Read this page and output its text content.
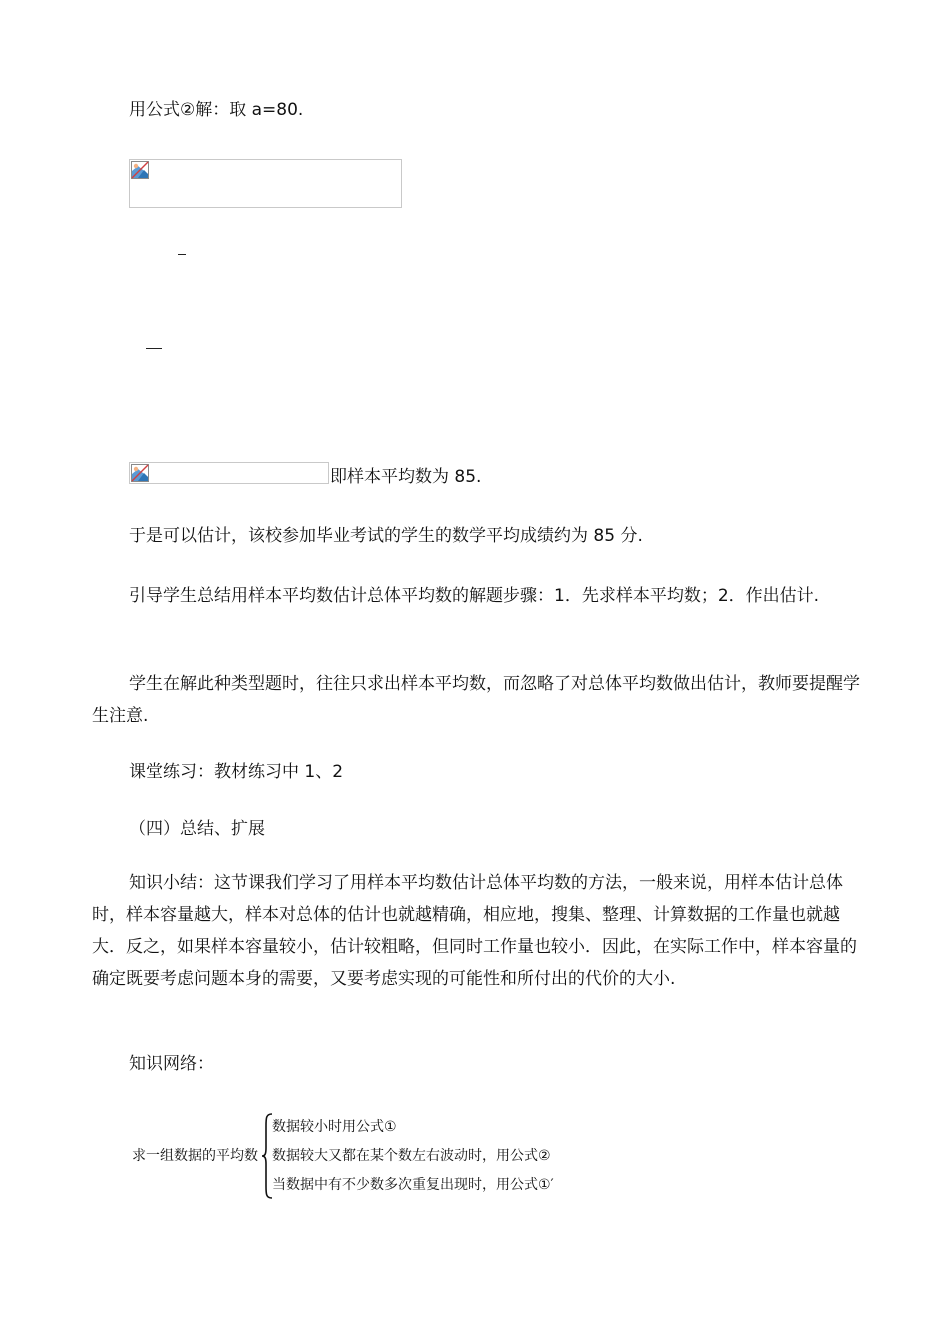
用公式②解：取 a=80.

即样本平均数为 85.

于是可以估计，该校参加毕业考试的学生的数学平均成绩约为 85 分.

引导学生总结用样本平均数估计总体平均数的解题步骤：1．先求样本平均数；2．作出估计.

学生在解此种类型题时，往往只求出样本平均数，而忽略了对总体平均数做出估计，教师要提醒学生注意.

课堂练习：教材练习中 1、2

（四）总结、扩展

知识小结：这节课我们学习了用样本平均数估计总体平均数的方法，一般来说，用样本估计总体时，样本容量越大，样本对总体的估计也就越精确，相应地，搜集、整理、计算数据的工作量也就越大．反之，如果样本容量较小，估计较粗略，但同时工作量也较小．因此，在实际工作中，样本容量的确定既要考虑问题本身的需要，又要考虑实现的可能性和所付出的代价的大小.

知识网络：

求一组数据的平均数
数据较小时用公式①
数据较大又都在某个数左右波动时，用公式②
当数据中有不少数多次重复出现时，用公式①′
